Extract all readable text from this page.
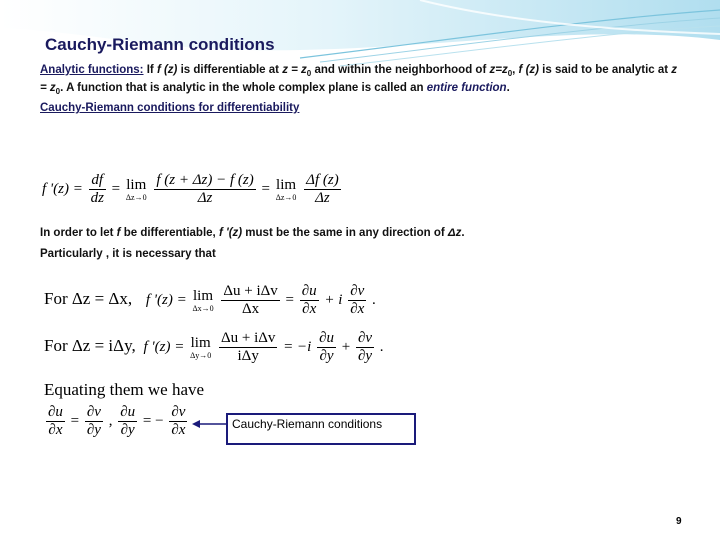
Cauchy-Riemann conditions
Analytic functions: If f (z) is differentiable at $z = z_0$ and within the neighborhood of $z=z_0$, f (z) is said to be analytic at $z = z_0$. A function that is analytic in the whole complex plane is called an entire function.
Cauchy-Riemann conditions for differentiability
f '$(z) = \frac{df}{dz} = \lim$
Δz→0
$\frac{f (z + \Delta z) - f (z)}{\Delta z} = \lim$
Δz→0
$\frac{\Delta f (z)}{\Delta z}$
In order to let f be differentiable, f '(z) must be the same in any direction of Δz.
Particularly , it is necessary that
For Δz = Δx, f '(z) = lim
Δx→0
$\frac{\text{Δu + iΔv}}{\Delta x} = \frac{\partial u}{\partial x} + i \frac{\partial v}{\partial x}$ .
For Δz = iΔy, f '(z) = lim
Δy→0
$\frac{\text{Δu + iΔv}}{\text{iΔy}} = -i \frac{\partial u}{\partial y} + \frac{\partial v}{\partial y}$ .
Equating them we have
$\frac{\partial u}{\partial x} = \frac{\partial v}{\partial y}$ , $\frac{\partial u}{\partial y}$ = − $\frac{\partial v}{\partial x}$	Cauchy-Riemann conditions
9
